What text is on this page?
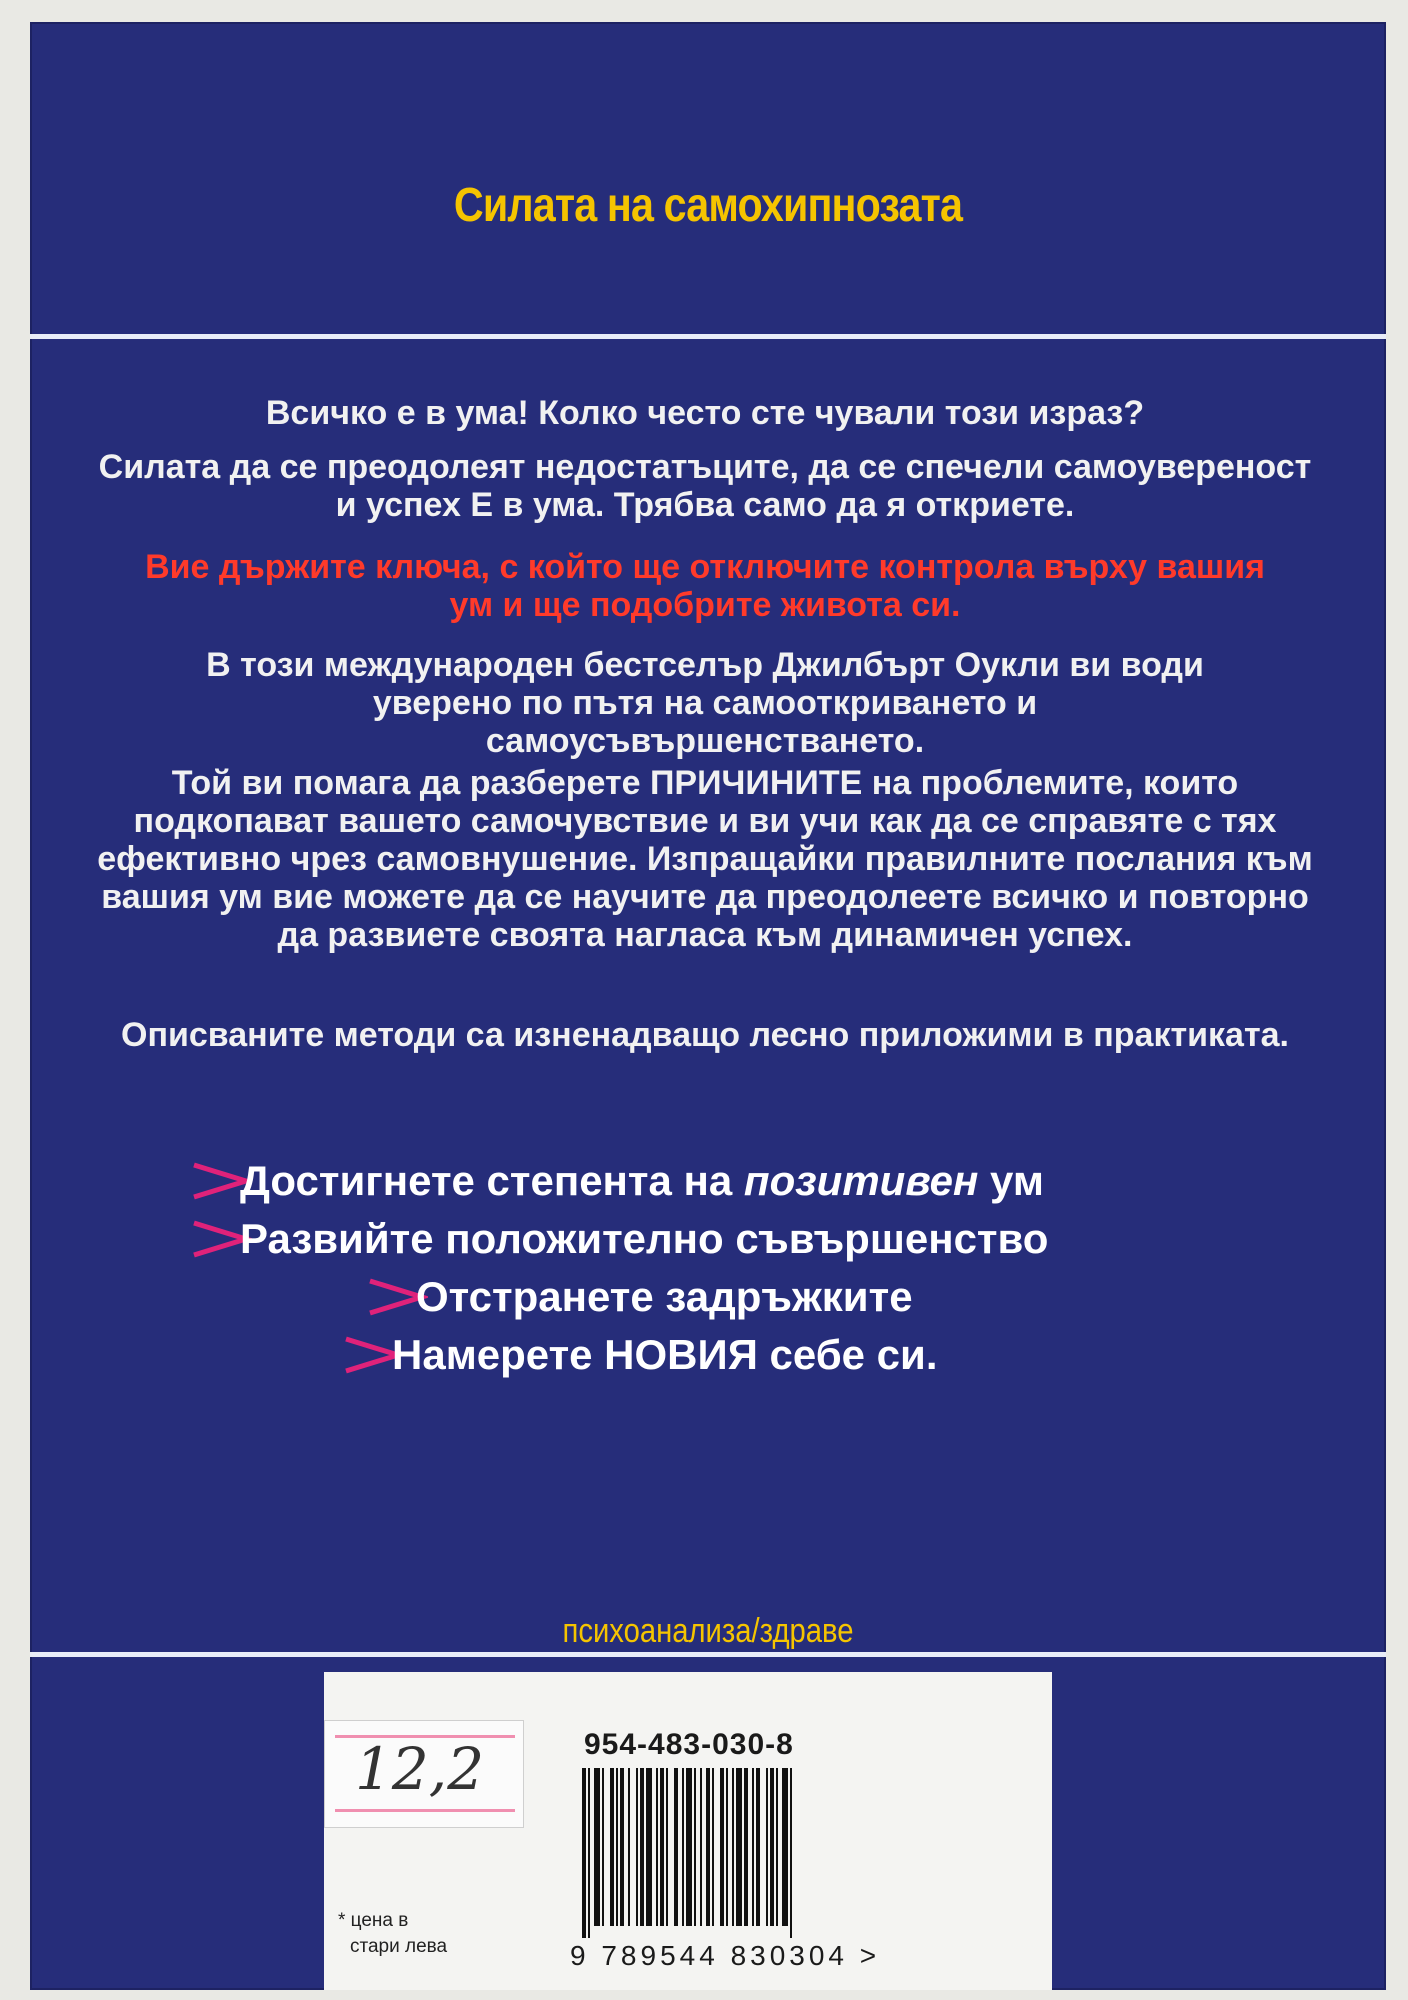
Силата на самохипнозата
Всичко е в ума! Колко често сте чували този израз?
Силата да се преодолеят недостатъците, да се спечели самоувереност и успех Е в ума. Трябва само да я откриете.
Вие държите ключа, с който ще отключите контрола върху вашия ум и ще подобрите живота си.
В този международен бестселър Джилбърт Оукли ви води уверено по пътя на самооткриването и самоусъвършенстването.
Той ви помага да разберете ПРИЧИНИТЕ на проблемите, които подкопават вашето самочувствие и ви учи как да се справяте с тях ефективно чрез самовнушение. Изпращайки правилните послания към вашия ум вие можете да се научите да преодолеете всичко и повторно да развиете своята нагласа към динамичен успех.
Описваните методи са изненадващо лесно приложими в практиката.
Достигнете степента на позитивен ум
Развийте положително съвършенство
Отстранете задръжките
Намерете НОВИЯ себе си.
психоанализа/здраве
12,2	954-483-030-8
9 789544 830304 >
* цена в
стари лева
